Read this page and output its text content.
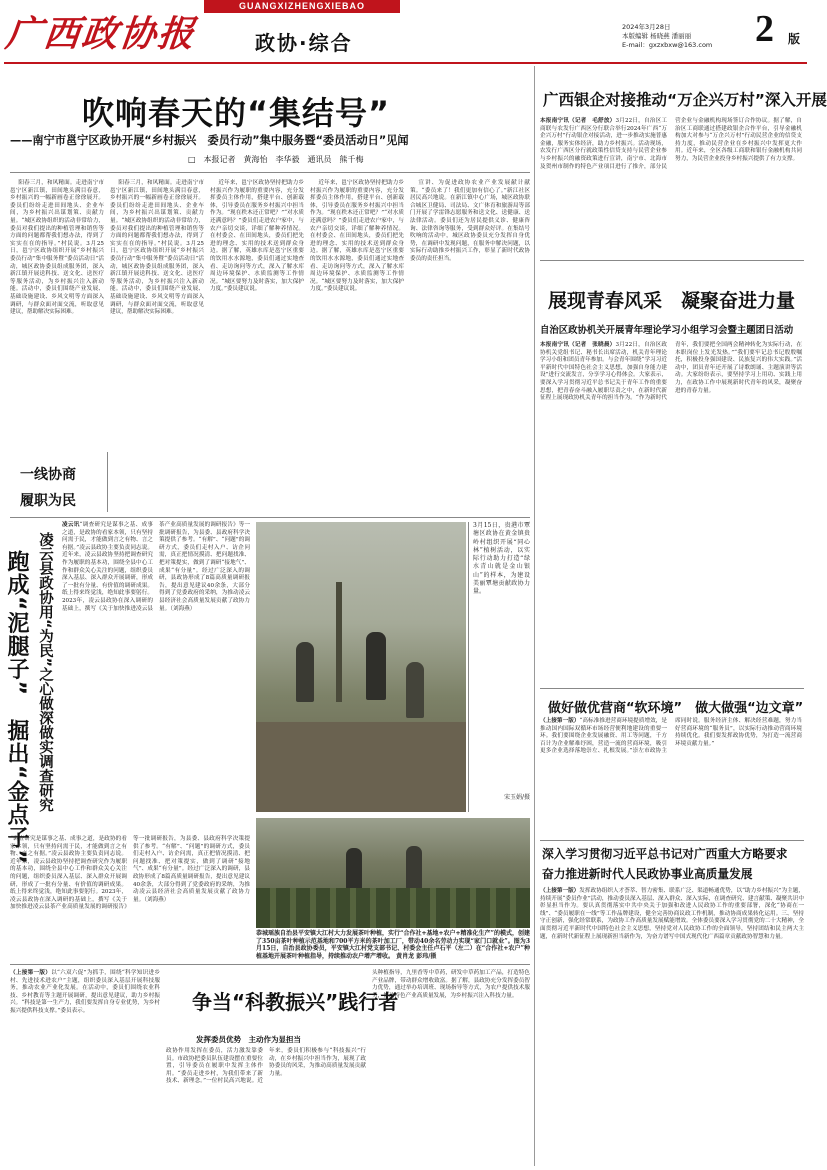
广西政协报
GUANGXIZHENGXIEBAO
政协·综合
2024年3月28日
本版编辑 杨晓燕 潘丽丽
E-mail：gxzxbxw@163.com 2 版
吹响春天的“集结号”
——南宁市邕宁区政协开展“乡村振兴　委员行动”集中服务暨“委员活动日”见闻
□　本报记者　黄海怡　李华毅　通讯员　熊千梅
一线协商
履职为民

阳春三月，和风精面。走进南宁市邕宁区新江镇，田间地头满目春意，乡村振兴的一幅新画卷正徐徐展开。委员们纷纷走进田间地头、企业车间，为乡村振兴出谋划策、贡献力量。“城区政协组织的活动非常给力，委员对我们提出的种植管理和销售等方面的问题都帮我们想办法，得到了实实在在的指导。”村民说。3月25日，邕宁区政协组织开展“乡村振兴　委员行动”集中服务暨“委员活动日”活动，城区政协委员组成服务团，深入新江镇开展送科技、送文化、送医疗等服务活动，为乡村振兴注入新动能。活动中，委员们围绕产业发展、基础设施建设、乡风文明等方面深入调研，与群众面对面交流，听取意见建议，帮助解决实际困难。

阳春三月，和风精面。走进南宁市邕宁区新江镇，田间地头满目春意，乡村振兴的一幅新画卷正徐徐展开。委员们纷纷走进田间地头、企业车间，为乡村振兴出谋划策、贡献力量。“城区政协组织的活动非常给力，委员对我们提出的种植管理和销售等方面的问题都帮我们想办法，得到了实实在在的指导。”村民说。3月25日，邕宁区政协组织开展“乡村振兴　委员行动”集中服务暨“委员活动日”活动，城区政协委员组成服务团，深入新江镇开展送科技、送文化、送医疗等服务活动，为乡村振兴注入新动能。活动中，委员们围绕产业发展、基础设施建设、乡风文明等方面深入调研，与群众面对面交流，听取意见建议，帮助解决实际困难。

近年来，邕宁区政协坚持把助力乡村振兴作为履职的重要内容，充分发挥委员主体作用，搭建平台、创新载体，引导委员在服务乡村振兴中担当作为。“现在秩木还正常吧？”“对水质还满意吗？”委员们走进农户家中，与农户亲切交谈，详细了解种养情况。在村委会、在田间地头，委员们把先进的理念、实用的技术送到群众身边。据了解，英雄水库是邕宁区重要的饮用水水源地，委员们通过实地查看、走访询问等方式，深入了解水库周边环境保护、水质监测等工作情况。“城区要努力及时落实，加大保护力度。”委员建议说。

近年来，邕宁区政协坚持把助力乡村振兴作为履职的重要内容，充分发挥委员主体作用，搭建平台、创新载体，引导委员在服务乡村振兴中担当作为。“现在秩木还正常吧？”“对水质还满意吗？”委员们走进农户家中，与农户亲切交谈，详细了解种养情况。在村委会、在田间地头，委员们把先进的理念、实用的技术送到群众身边。据了解，英雄水库是邕宁区重要的饮用水水源地，委员们通过实地查看、走访询问等方式，深入了解水库周边环境保护、水质监测等工作情况。“城区要努力及时落实，加大保护力度。”委员建议说。

宣讲、为促进政协农业产业发展献计献策。“委员来了！我们更加有信心了。”新江社区居民高兴地说。在新江镇中心广场，城区政协联合城区卫健局、司法局、文广体育和旅游局等部门开展了学雷锋志愿服务和送文化、送健康、送法律活动。委员们还为居民提供义诊、健康咨询、法律咨询等服务，受到群众好评。在集结号吹响的活动中，城区政协委员充分发挥自身优势，在调研中发现问题，在服务中解决问题，以实际行动助推乡村振兴工作，彰显了新时代政协委员的责任担当。

广西银企对接推动“万企兴万村”深入开展
本报南宁讯（记者　毛舒放）3月22日，自治区工商联与农发行广西区分行联合举行2024年广西“万企兴万村”行动银企对接活动，进一步推动实施普惠金融，服务实体经济，助力乡村振兴。活动现场，农发行广西区分行就政策性信贷支持与民营企业参与乡村振兴的融资政策进行宣讲，南宁市、北海市及贺州市制作的特色产业项目进行了推介，部分民营企业与金融机构现场签订合作协议。据了解，自治区工商联通过搭建政银企合作平台，引导金融机构加大对参与“万企兴万村”行动民营企业的信贷支持力度，推动民营企业在乡村振兴中发挥更大作用。近年来，全区各级工商联和银行金融机构共同努力，为民营企业投身乡村振兴提供了有力支撑。
展现青春风采　凝聚奋进力量
自治区政协机关开展青年理论学习小组学习会暨主题团日活动
本报南宁讯（记者　张晓晨）3月22日，自治区政协机关党组书记、秘书长出席活动，机关青年理论学习小组和团员青年参加。与会青年围绕“学习习近平新时代中国特色社会主义思想，加强自身能力建设”进行交流发言，分享学习心得体会。大家表示，要深入学习贯彻习近平总书记关于青年工作的重要思想，把青春奋斗融入履职尽责之中，在新时代新征程上展现政协机关青年的担当作为。“作为新时代青年，我们要把全国两会精神转化为实际行动，在本职岗位上发光发热。”“我们要牢记总书记殷殷嘱托，积极投身强国建设、民族复兴的伟大实践。”活动中，团员青年还开展了诗歌朗诵、主题演讲等活动。大家纷纷表示，要坚持学习上用功、实践上用力，在政协工作中展现新时代青年的风采，凝聚奋进的青春力量。
做好做优营商“软环境”　做大做强“边文章”
（上接第一版）“高标准推进营商环境提质增效，是推动国内国际双循环市场经营便利地建设的重要一环。我们要围绕企业发展融资、用工等问题，千方百计为企业解难纾困，营造一流的营商环境，吸引更多企业选择落地崇左、扎根发展。”崇左市政协主席同时说。服务经济主体、解决经营难题，努力当好营商环境的“服务员”，以实际行动推动营商环境持续优化。我们要发挥政协优势，为打造一流营商环境贡献力量。”
深入学习贯彻习近平总书记对广西重大方略要求
奋力推进新时代人民政协事业高质量发展
（上接第一版）发挥政协组织人才荟萃、智力密集、联系广泛、渠道畅通优势，以“助力乡村振兴”为主题，持续开展“委员作业”活动，推动委员深入基层、深入群众、深入实际，在调查研究、建言献策、凝聚共识中彰显担当作为。要认真贯彻落实中共中央关于加强和改进人民政协工作的重要部署，深化“协商在一线”、“委员履职在一线”等工作品牌建设，健全完善协商议政工作机制，推动协商成果转化运用。三、坚持守正创新，强化经常联系，为政协工作高质量发展赋能增效。全体委员要深入学习贯彻党的二十大精神，全面贯彻习近平新时代中国特色社会主义思想，坚持党对人民政协工作的全面领导，坚持团结和民主两大主题，在新时代新征程上展现新担当新作为，为奋力谱写中国式现代化广西篇章贡献政协智慧和力量。
跑成“泥腿子”　掘出“金点子” 凌云县政协用“为民”之心做深做实调查研究
凌云讯“调查研究是谋事之基、成事之道，是政协的看家本领，只有坚持问需于民，才能做到言之有物、言之有据。”凌云县政协主要负责同志说。近年来，凌云县政协坚持把调查研究作为履职的基本功，围绕全县中心工作和群众关心关注的问题，组织委员深入基层、深入群众开展调研，形成了一批有分量、有价值的调研成果。纸上得来终觉浅，绝知此事要躬行。2023年，凌云县政协在深入调研的基础上，撰写《关于加快推进凌云县茶产业高质量发展的调研报告》等一批调研报告，为县委、县政府科学决策提供了参考。“有解”、“问题”的调研方式，委员们走村入户、访企问需，真正把情况摸清、把问题找准、把对策提实，做到了调研“接地气”、成果“有分量”。经过广泛深入的调研，县政协形成了8篇高质量调研报告，提出意见建议40余条，大部分得到了党委政府的采纳，为推动凌云县经济社会高质量发展贡献了政协力量。（刘海燕）
“调查研究是谋事之基、成事之道，是政协的看家本领，只有坚持问需于民，才能做到言之有物、言之有据。”凌云县政协主要负责同志说。近年来，凌云县政协坚持把调查研究作为履职的基本功，围绕全县中心工作和群众关心关注的问题，组织委员深入基层、深入群众开展调研，形成了一批有分量、有价值的调研成果。纸上得来终觉浅，绝知此事要躬行。2023年，凌云县政协在深入调研的基础上，撰写《关于加快推进凌云县茶产业高质量发展的调研报告》等一批调研报告，为县委、县政府科学决策提供了参考。“有解”、“问题”的调研方式，委员们走村入户、访企问需，真正把情况摸清、把问题找准、把对策提实，做到了调研“接地气”、成果“有分量”。经过广泛深入的调研，县政协形成了8篇高质量调研报告，提出意见建议40余条，大部分得到了党委政府的采纳，为推动凌云县经济社会高质量发展贡献了政协力量。（刘海燕）
3月15日，贵港市覃塘区政协在黄金镇贵岭村组织开展“同心林”植树活动，以实际行动助力打造“绿水青山就是金山银山”的样本，为建设美丽覃塘贡献政协力量。
宋玉娟/摄
恭城瑶族自治县平安镇大江村大力发展茶叶种植，实行“合作社+基地+农户+精准化生产”的模式，创建了350亩茶叶种植示范基地和700平方米的茶叶加工厂，带动40余名劳动力实现“家门口就业”。图为3月15日，自治县政协委员，平安镇大江村党支部书记、村委会主任卢石平（左二）在“合作社+农户”种植基地开展茶叶种植指导，持续推动农户增产增收。 黄肖龙 彭玮/摄
（上接第一版）以“六双六促”为抓手，围绕“科学知识进乡村、先进技术进农户”主题，组织委员深入基层开展科技服务，推动农业产业化发展。在活动中，委员们围绕农业科技、乡村教育等主题开展调研，提出意见建议，助力乡村振兴。“科技是第一生产力，我们要发挥自身专业优势，为乡村振兴提供科技支撑。”委员表示。	争当“科教振兴”践行者
发挥委员优势　主动作为显担当
政协作用发挥在委员，活力激发靠委员。市政协把委员队伍建设摆在重要位置，引导委员在履职中发挥主体作用。“委员走进乡村，为我们带来了新技术、新理念。”一位村民高兴地说。近年来，委员们积极参与“科技振兴”行动，在乡村振兴中担当作为，展现了政协委员的风采，为推动高质量发展贡献力量。
头种植指导，九里香等中草药，研发中草药加工产品，打造特色产业品牌，带动群众增收致富。据了解，县政协充分发挥委员智力优势，通过举办培训班、现场指导等方式，为农户提供技术服务，推动特色产业高质量发展，为乡村振兴注入科技力量。
